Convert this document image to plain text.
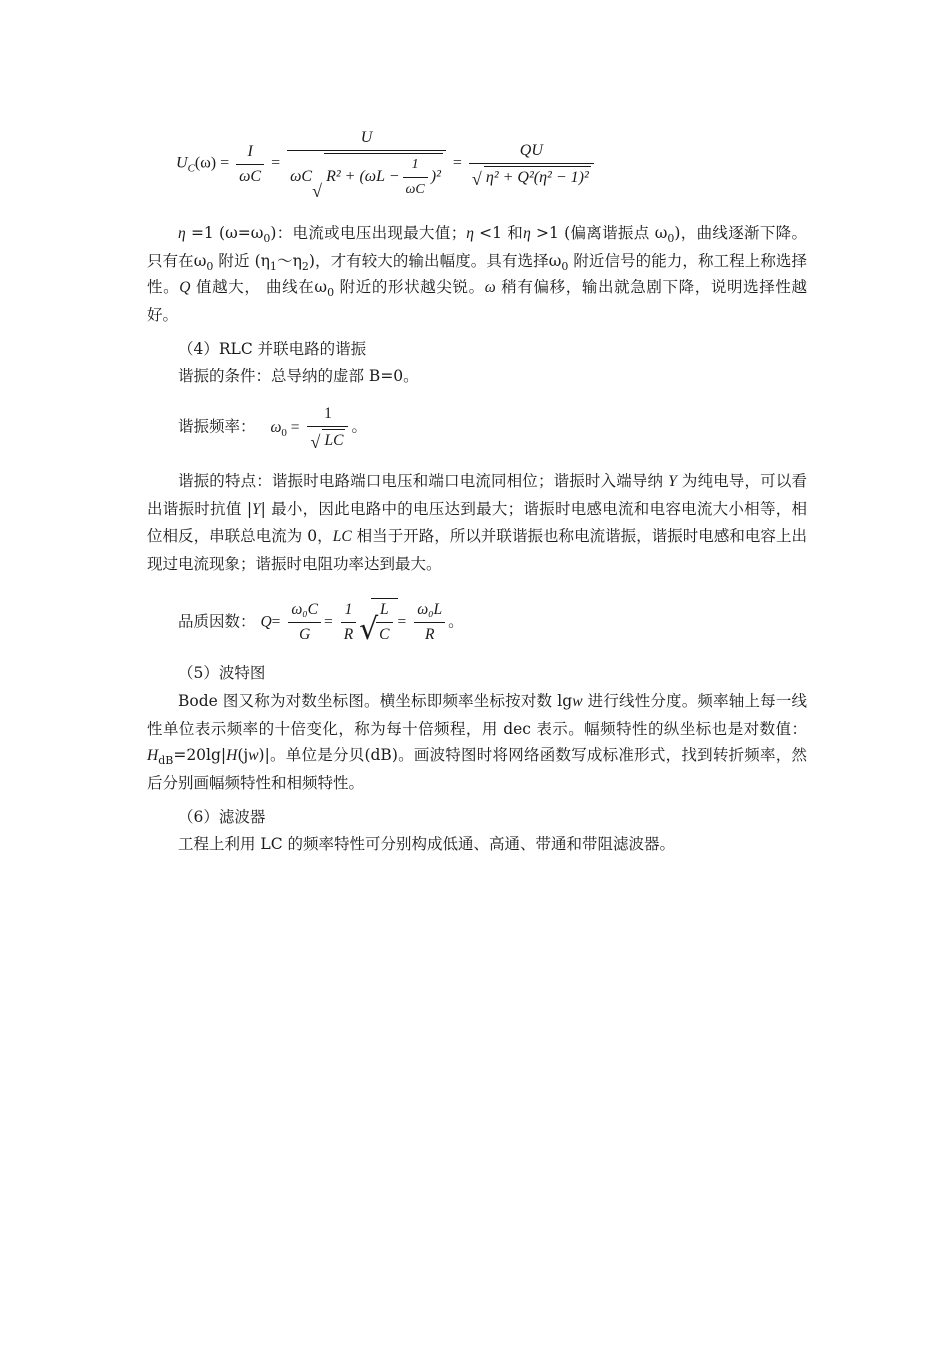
$U_C(\omega) = \frac{I}{\omega C} = U$
ωC
√
$R^2 + (\omega L - \frac{1}{\omega C} )^2 = \frac{QU}{\text{√ η² + Q²(η² − 1)²}}$

η =1 $(\omega=\omega_0)$：电流或电压出现最大值；η <1 和η >1 (偏离谐振点 $\omega_0$)，曲线逐渐下降。只有在$\omega_0$ 附近 $(\eta_1\sim\eta_2)$，才有较大的输出幅度。具有选择$\omega_0$ 附近信号的能力，称工程上称选择性。Q 值越大， 曲线在$\omega_0$ 附近的形状越尖锐。ω 稍有偏移，输出就急剧下降，说明选择性越好。

（4）RLC 并联电路的谐振
谐振的条件：总导纳的虚部 B=0。
谐振频率： $\omega_0 = \frac{1}{√ LC}$ 。

谐振的特点：谐振时电路端口电压和端口电流同相位；谐振时入端导纳 Y 为纯电导，可以看出谐振时抗值 |Y| 最小，因此电路中的电压达到最大；谐振时电感电流和电容电流大小相等，相位相反，串联总电流为 0，LC 相当于开路，所以并联谐振也称电流谐振，谐振时电感和电容上出现过电流现象；谐振时电阻功率达到最大。

品质因数： $Q= \frac{\text{ω₀C}}{G} = \frac{1}{R}$ √
$\frac{L}{C} = \frac{\text{ω₀L}}{R}$ 。
（5）波特图

Bode 图又称为对数坐标图。横坐标即频率坐标按对数 lgw 进行线性分度。频率轴上每一线性单位表示频率的十倍变化，称为每十倍频程，用 dec 表示。幅频特性的纵坐标也是对数值：$H_{dB}=20\lg|H(jw)|$。单位是分贝(dB)。画波特图时将网络函数写成标准形式，找到转折频率，然后分别画幅频特性和相频特性。

（6）滤波器
工程上利用 LC 的频率特性可分别构成低通、高通、带通和带阻滤波器。
